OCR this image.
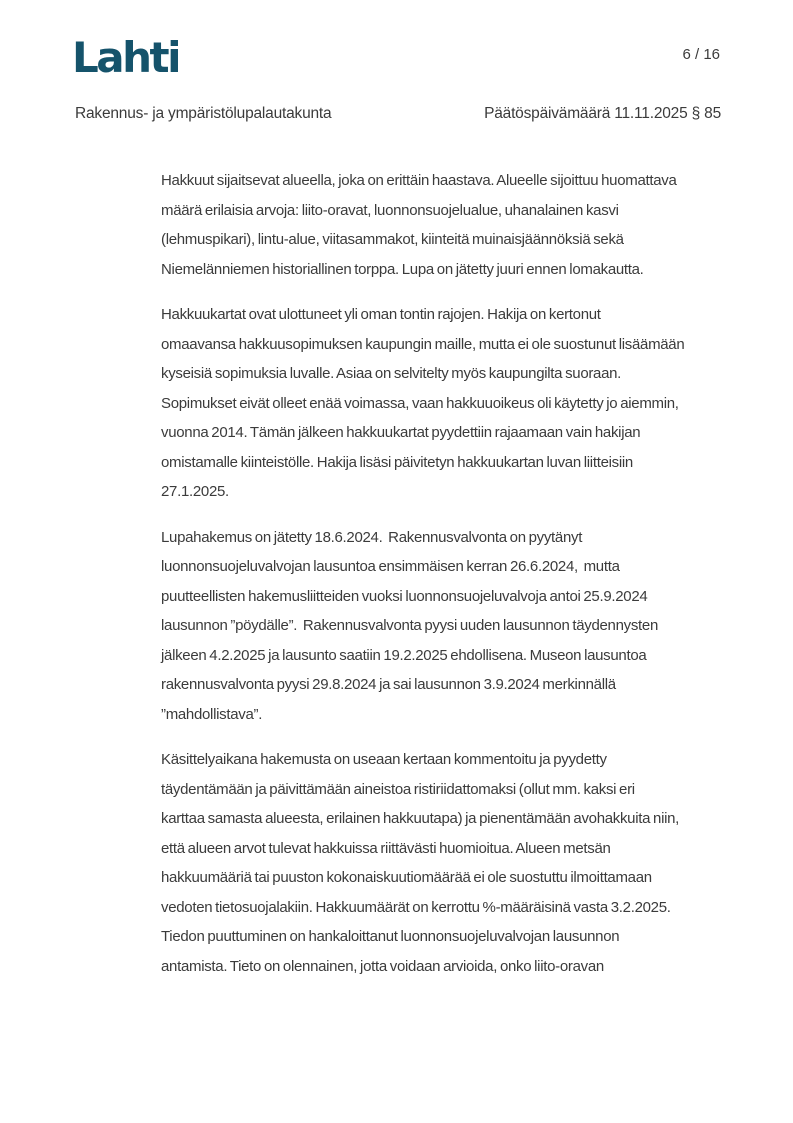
Lahti	6 / 16
Rakennus- ja ympäristölupalautakunta	Päätöspäivämäärä 11.11.2025 § 85
Hakkuut sijaitsevat alueella, joka on erittäin haastava. Alueelle sijoittuu huomattava
määrä erilaisia arvoja: liito-oravat, luonnonsuojelualue, uhanalainen kasvi
(lehmuspikari), lintu-alue, viitasammakot, kiinteitä muinaisjäännöksiä sekä
Niemelänniemen historiallinen torppa. Lupa on jätetty juuri ennen lomakautta.
Hakkuukartat ovat ulottuneet yli oman tontin rajojen. Hakija on kertonut
omaavansa hakkuusopimuksen kaupungin maille, mutta ei ole suostunut lisäämään
kyseisiä sopimuksia luvalle. Asiaa on selvitelty myös kaupungilta suoraan.
Sopimukset eivät olleet enää voimassa, vaan hakkuuoikeus oli käytetty jo aiemmin,
vuonna 2014. Tämän jälkeen hakkuukartat pyydettiin rajaamaan vain hakijan
omistamalle kiinteistölle. Hakija lisäsi päivitetyn hakkuukartan luvan liitteisiin
27.1.2025.
Lupahakemus on jätetty 18.6.2024.  Rakennusvalvonta on pyytänyt
luonnonsuojeluvalvojan lausuntoa ensimmäisen kerran 26.6.2024,  mutta
puutteellisten hakemusliitteiden vuoksi luonnonsuojeluvalvoja antoi 25.9.2024
lausunnon ”pöydälle”.  Rakennusvalvonta pyysi uuden lausunnon täydennysten
jälkeen 4.2.2025 ja lausunto saatiin 19.2.2025 ehdollisena. Museon lausuntoa
rakennusvalvonta pyysi 29.8.2024 ja sai lausunnon 3.9.2024 merkinnällä
”mahdollistava”.
Käsittelyaikana hakemusta on useaan kertaan kommentoitu ja pyydetty
täydentämään ja päivittämään aineistoa ristiriidattomaksi (ollut mm. kaksi eri
karttaa samasta alueesta, erilainen hakkuutapa) ja pienentämään avohakkuita niin,
että alueen arvot tulevat hakkuissa riittävästi huomioitua. Alueen metsän
hakkuumääriä tai puuston kokonaiskuutiomäärää ei ole suostuttu ilmoittamaan
vedoten tietosuojalakiin. Hakkuumäärät on kerrottu %-määräisinä vasta 3.2.2025.
Tiedon puuttuminen on hankaloittanut luonnonsuojeluvalvojan lausunnon
antamista. Tieto on olennainen, jotta voidaan arvioida, onko liito-oravan
